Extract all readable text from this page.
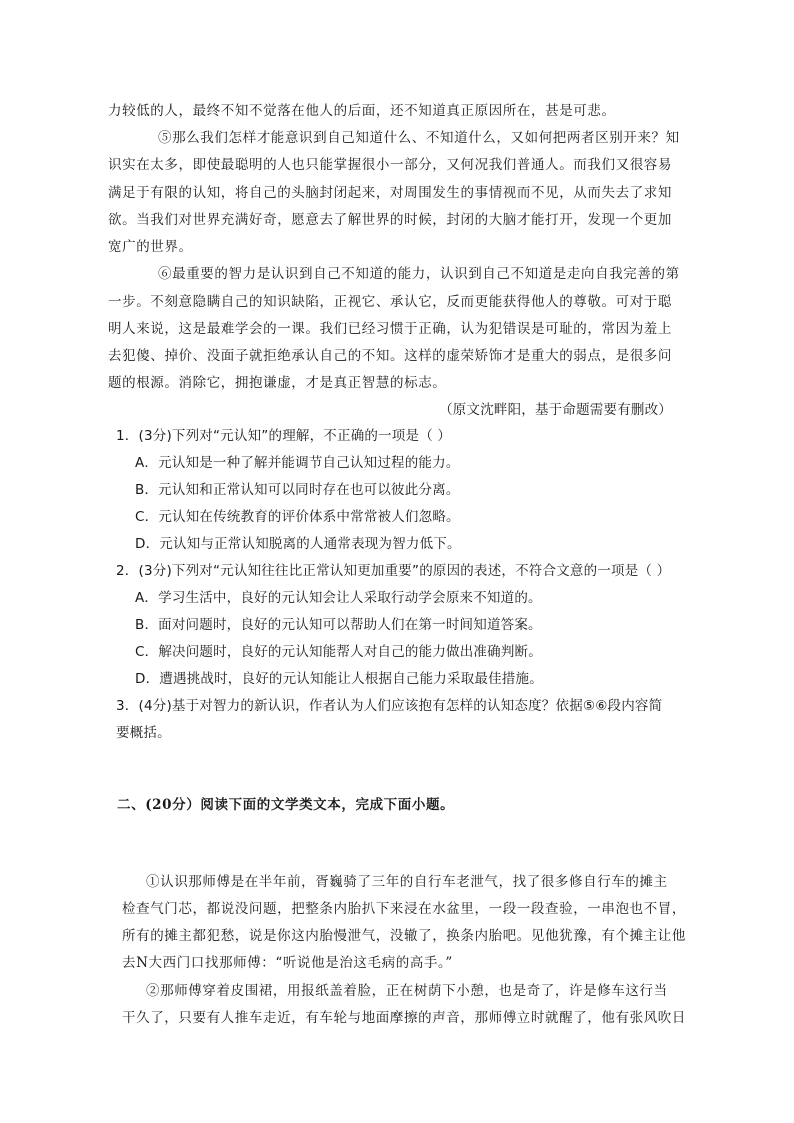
力较低的人，最终不知不觉落在他人的后面，还不知道真正原因所在，甚是可悲。
⑤那么我们怎样才能意识到自己知道什么、不知道什么，又如何把两者区别开来？知
识实在太多，即使最聪明的人也只能掌握很小一部分，又何况我们普通人。而我们又很容易
满足于有限的认知，将自己的头脑封闭起来，对周围发生的事情视而不见，从而失去了求知
欲。当我们对世界充满好奇，愿意去了解世界的时候，封闭的大脑才能打开，发现一个更加
宽广的世界。
⑥最重要的智力是认识到自己不知道的能力，认识到自己不知道是走向自我完善的第
一步。不刻意隐瞒自己的知识缺陷，正视它、承认它，反而更能获得他人的尊敬。可对于聪
明人来说，这是最难学会的一课。我们已经习惯于正确，认为犯错误是可耻的，常因为羞上
去犯傻、掉价、没面子就拒绝承认自己的不知。这样的虚荣矫饰才是重大的弱点，是很多问
题的根源。消除它，拥抱谦虚，才是真正智慧的标志。
（原文沈畔阳，基于命题需要有删改）
1．(3分)下列对“元认知”的理解，不正确的一项是（ ）
A．元认知是一种了解并能调节自己认知过程的能力。
B．元认知和正常认知可以同时存在也可以彼此分离。
C．元认知在传统教育的评价体系中常常被人们忽略。
D．元认知与正常认知脱离的人通常表现为智力低下。
2．(3分)下列对“元认知往往比正常认知更加重要”的原因的表述，不符合文意的一项是（ ）
A．学习生活中，良好的元认知会让人采取行动学会原来不知道的。
B．面对问题时，良好的元认知可以帮助人们在第一时间知道答案。
C．解决问题时，良好的元认知能帮人对自己的能力做出准确判断。
D．遭遇挑战时，良好的元认知能让人根据自己能力采取最佳措施。
3．(4分)基于对智力的新认识，作者认为人们应该抱有怎样的认知态度？依据⑤⑥段内容简
要概括。
二、(20分）阅读下面的文学类文本，完成下面小题。
①认识那师傅是在半年前，胥巍骑了三年的自行车老泄气，找了很多修自行车的摊主
检查气门芯，都说没问题，把整条内胎扒下来浸在水盆里，一段一段查验，一串泡也不冒，
所有的摊主都犯愁，说是你这内胎慢泄气，没辙了，换条内胎吧。见他犹豫，有个摊主让他
去N大西门口找那师傅：“听说他是治这毛病的高手。”
②那师傅穿着皮围裙，用报纸盖着脸，正在树荫下小憩，也是奇了，许是修车这行当
干久了，只要有人推车走近，有车轮与地面摩擦的声音，那师傅立时就醒了，他有张风吹日
